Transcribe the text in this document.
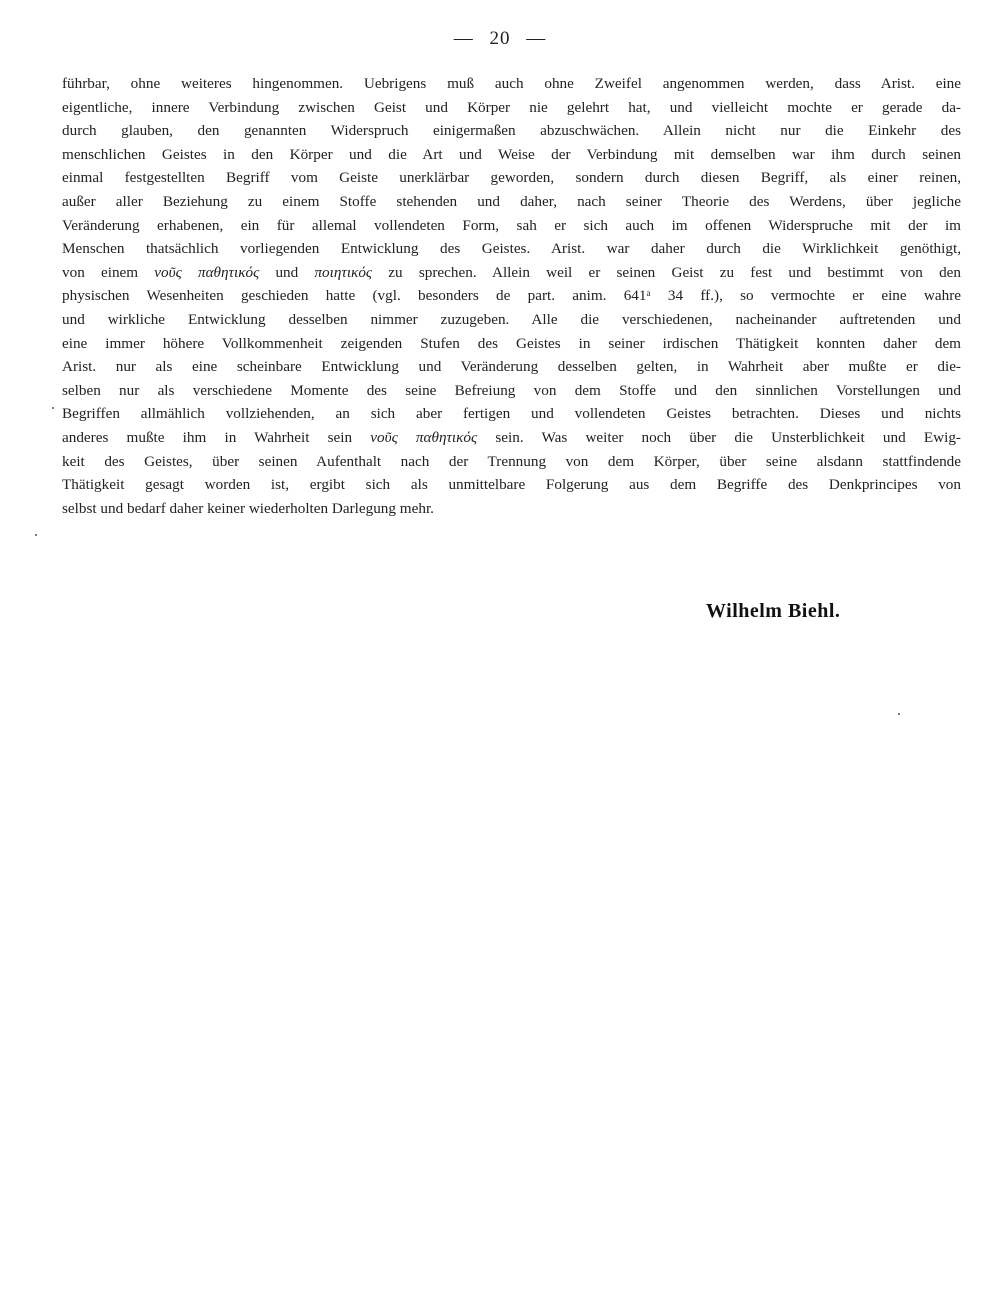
— 20 —

führbar, ohne weiteres hingenommen. Uebrigens muß auch ohne Zweifel angenommen werden, dass Arist. eine
eigentliche, innere Verbindung zwischen Geist und Körper nie gelehrt hat, und vielleicht mochte er gerade da-
durch glauben, den genannten Widerspruch einigermaßen abzuschwächen. Allein nicht nur die Einkehr des
menschlichen Geistes in den Körper und die Art und Weise der Verbindung mit demselben war ihm durch seinen
einmal festgestellten Begriff vom Geiste unerklärbar geworden, sondern durch diesen Begriff, als einer reinen,
außer aller Beziehung zu einem Stoffe stehenden und daher, nach seiner Theorie des Werdens, über jegliche
Veränderung erhabenen, ein für allemal vollendeten Form, sah er sich auch im offenen Widerspruche mit der im
Menschen thatsächlich vorliegenden Entwicklung des Geistes. Arist. war daher durch die Wirklichkeit genöthigt,
von einem νοῦς παθητικός und ποιητικός zu sprechen. Allein weil er seinen Geist zu fest und bestimmt von den
physischen Wesenheiten geschieden hatte (vgl. besonders de part. anim. 641ᵃ 34 ff.), so vermochte er eine wahre
und wirkliche Entwicklung desselben nimmer zuzugeben. Alle die verschiedenen, nacheinander auftretenden und
eine immer höhere Vollkommenheit zeigenden Stufen des Geistes in seiner irdischen Thätigkeit konnten daher dem
Arist. nur als eine scheinbare Entwicklung und Veränderung desselben gelten, in Wahrheit aber mußte er die-
selben nur als verschiedene Momente des seine Befreiung von dem Stoffe und den sinnlichen Vorstellungen und
Begriffen allmählich vollziehenden, an sich aber fertigen und vollendeten Geistes betrachten. Dieses und nichts
anderes mußte ihm in Wahrheit sein νοῦς παθητικός sein. Was weiter noch über die Unsterblichkeit und Ewig-
keit des Geistes, über seinen Aufenthalt nach der Trennung von dem Körper, über seine alsdann stattfindende
Thätigkeit gesagt worden ist, ergibt sich als unmittelbare Folgerung aus dem Begriffe des Denkprincipes von
selbst und bedarf daher keiner wiederholten Darlegung mehr.

Wilhelm Biehl.
